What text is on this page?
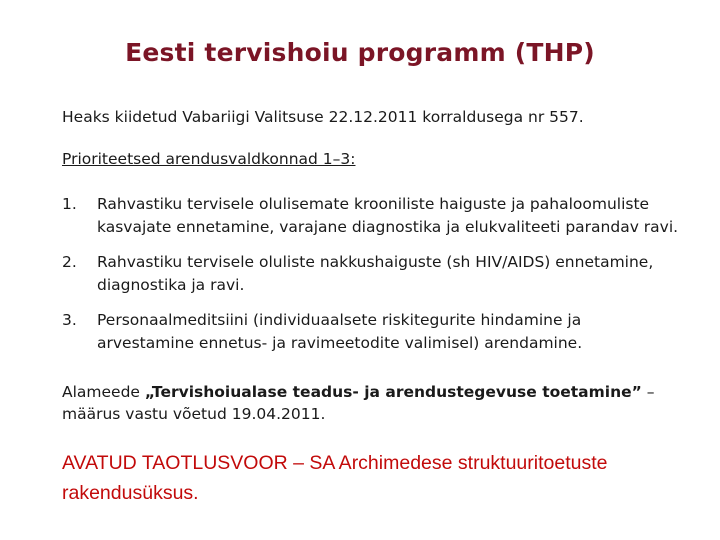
Eesti tervishoiu programm (THP)
Heaks kiidetud Vabariigi Valitsuse 22.12.2011 korraldusega nr 557.
Prioriteetsed arendusvaldkonnad 1–3:
1. Rahvastiku tervisele olulisemate krooniliste haiguste ja pahaloomuliste kasvajate ennetamine, varajane diagnostika ja elukvaliteeti parandav ravi.
2. Rahvastiku tervisele oluliste nakkushaiguste (sh HIV/AIDS) ennetamine, diagnostika ja ravi.
3. Personaalmeditsiini (individuaalsete riskitegurite hindamine ja arvestamine ennetus- ja ravimeetodite valimisel) arendamine.
Alameede „Tervishoiualase teadus- ja arendustegevuse toetamine” – määrus vastu võetud 19.04.2011.
AVATUD TAOTLUSVOOR – SA Archimedese struktuuritoetuste rakendusüksus.
